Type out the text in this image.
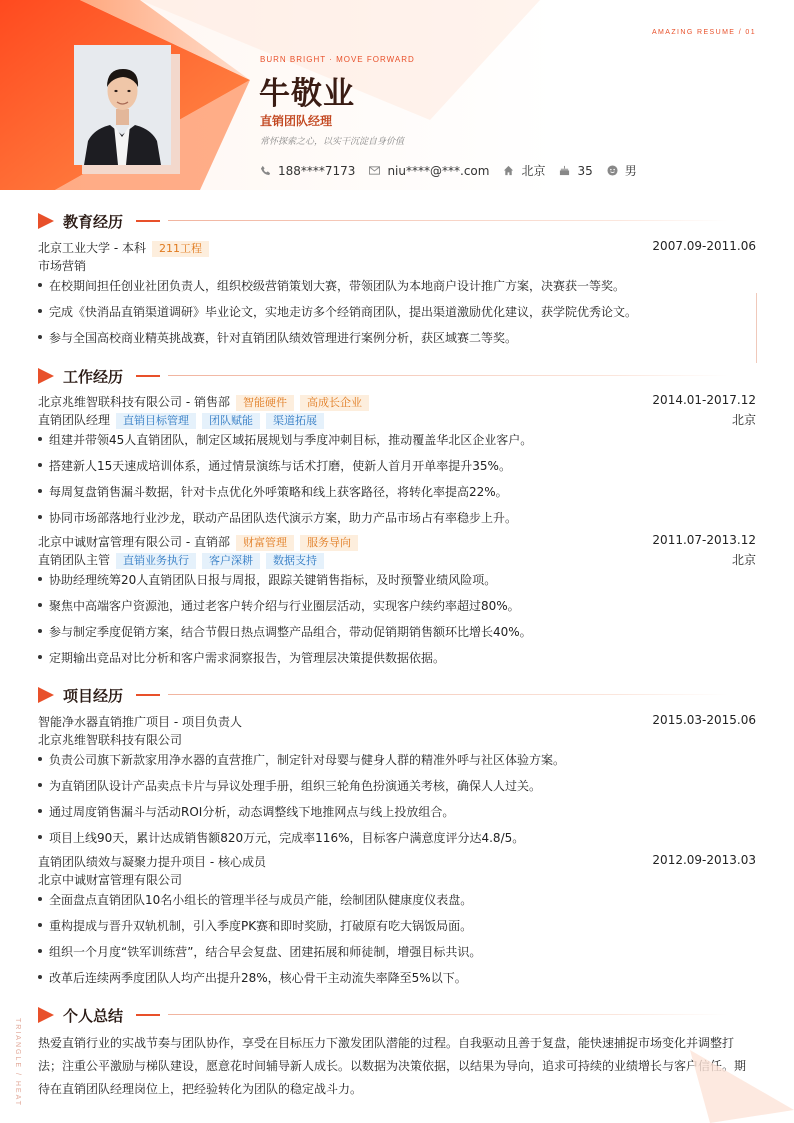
AMAZING RESUME / 01
BURN BRIGHT · MOVE FORWARD
牛敬业
直销团队经理
常怀探索之心，以实干沉淀自身价值
188****7173	niu****@***.com	北京	35	男
教育经历
北京工业大学 - 本科 211工程	2007.09-2011.06
市场营销
在校期间担任创业社团负责人，组织校级营销策划大赛，带领团队为本地商户设计推广方案，决赛获一等奖。
完成《快消品直销渠道调研》毕业论文，实地走访多个经销商团队，提出渠道激励优化建议，获学院优秀论文。
参与全国高校商业精英挑战赛，针对直销团队绩效管理进行案例分析，获区域赛二等奖。
工作经历
北京兆维智联科技有限公司 - 销售部 智能硬件 高成长企业	2014.01-2017.12
直销团队经理 直销目标管理 团队赋能 渠道拓展	北京
组建并带领45人直销团队，制定区域拓展规划与季度冲刺目标，推动覆盖华北区企业客户。
搭建新人15天速成培训体系，通过情景演练与话术打磨，使新人首月开单率提升35%。
每周复盘销售漏斗数据，针对卡点优化外呼策略和线上获客路径，将转化率提高22%。
协同市场部落地行业沙龙，联动产品团队迭代演示方案，助力产品市场占有率稳步上升。
北京中诚财富管理有限公司 - 直销部 财富管理 服务导向	2011.07-2013.12
直销团队主管 直销业务执行 客户深耕 数据支持	北京
协助经理统筹20人直销团队日报与周报，跟踪关键销售指标，及时预警业绩风险项。
聚焦中高端客户资源池，通过老客户转介绍与行业圈层活动，实现客户续约率超过80%。
参与制定季度促销方案，结合节假日热点调整产品组合，带动促销期销售额环比增长40%。
定期输出竞品对比分析和客户需求洞察报告，为管理层决策提供数据依据。
项目经历
智能净水器直销推广项目 - 项目负责人	2015.03-2015.06
北京兆维智联科技有限公司
负责公司旗下新款家用净水器的直营推广，制定针对母婴与健身人群的精准外呼与社区体验方案。
为直销团队设计产品卖点卡片与异议处理手册，组织三轮角色扮演通关考核，确保人人过关。
通过周度销售漏斗与活动ROI分析，动态调整线下地推网点与线上投放组合。
项目上线90天，累计达成销售额820万元，完成率116%，目标客户满意度评分达4.8/5。
直销团队绩效与凝聚力提升项目 - 核心成员	2012.09-2013.03
北京中诚财富管理有限公司
全面盘点直销团队10名小组长的管理半径与成员产能，绘制团队健康度仪表盘。
重构提成与晋升双轨机制，引入季度PK赛和即时奖励，打破原有吃大锅饭局面。
组织一个月度“铁军训练营”，结合早会复盘、团建拓展和师徒制，增强目标共识。
改革后连续两季度团队人均产出提升28%，核心骨干主动流失率降至5%以下。
个人总结
热爱直销行业的实战节奏与团队协作，享受在目标压力下激发团队潜能的过程。自我驱动且善于复盘，能快速捕捉市场变化并调整打法；注重公平激励与梯队建设，愿意花时间辅导新人成长。以数据为决策依据，以结果为导向，追求可持续的业绩增长与客户信任。期待在直销团队经理岗位上，把经验转化为团队的稳定战斗力。
TRIANGLE / HEAT
